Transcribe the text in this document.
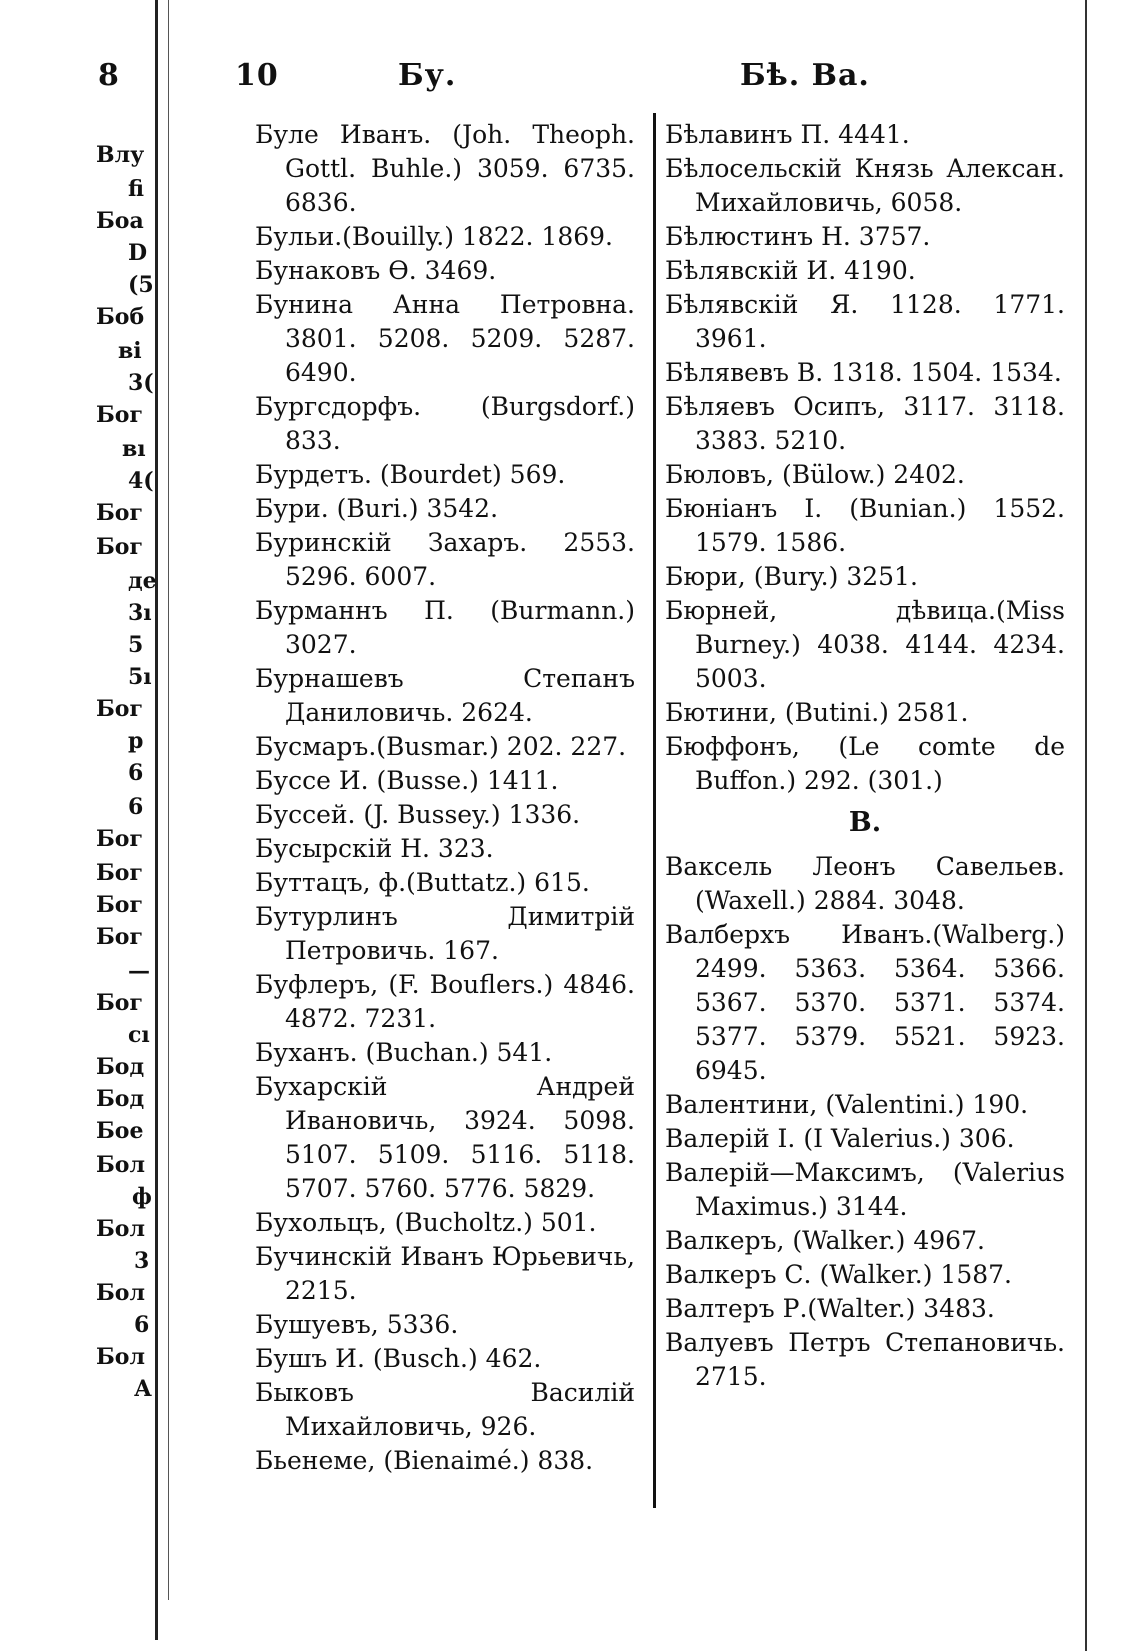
8	10	Бу.	Бѣ. Ва.
Влу
fi
Боа
D
(5
Боб
ві
3(
Бог
вı
4(
Бог
Бог
де
3ı
5
5ı
Бог
р
6
6
Бог
Бог
Бог
Бог
—
Бог
сı
Бод
Бод
Бое
Бол
ф
Бол
3
Бол
6
Бол
А

Буле Иванъ. (Joh. Theoph. Gottl. Buhle.) 3059. 6735. 6836.

Бульи.(Bouilly.) 1822. 1869.

Бунаковъ Ѳ. 3469.

Бунина Анна Петровна. 3801. 5208. 5209. 5287. 6490.

Бургсдорфъ. (Burgsdorf.) 833.

Бурдетъ. (Bourdet) 569.

Бури. (Buri.) 3542.

Буринскій Захаръ. 2553. 5296. 6007.

Бурманнъ П. (Burmann.) 3027.

Бурнашевъ Степанъ Даниловичь. 2624.

Бусмаръ.(Busmar.) 202. 227.

Буссе И. (Busse.) 1411.

Буссей. (J. Bussey.) 1336.

Бусырскій Н. 323.

Буттацъ, ф.(Buttatz.) 615.

Бутурлинъ Димитрій Петровичь. 167.

Буфлеръ, (F. Bouflers.) 4846. 4872. 7231.

Буханъ. (Buchan.) 541.

Бухарскій Андрей Ивановичь, 3924. 5098. 5107. 5109. 5116. 5118. 5707. 5760. 5776. 5829.

Бухольцъ, (Bucholtz.) 501.

Бучинскій Иванъ Юрьевичь, 2215.

Бушуевъ, 5336.

Бушъ И. (Busch.) 462.

Быковъ Василій Михайловичь, 926.

Бьенеме, (Bienaimé.) 838.

Бѣлавинъ П. 4441.

Бѣлосельскій Князь Алексан. Михайловичь, 6058.

Бѣлюстинъ Н. 3757.

Бѣлявскій И. 4190.

Бѣлявскій Я. 1128. 1771. 3961.

Бѣлявевъ В. 1318. 1504. 1534.

Бѣляевъ Осипъ, 3117. 3118. 3383. 5210.

Бюловъ, (Bülow.) 2402.

Бюніанъ I. (Bunian.) 1552. 1579. 1586.

Бюри, (Bury.) 3251.

Бюрней, дѣвица.(Miss Burney.) 4038. 4144. 4234. 5003.

Бютини, (Butini.) 2581.

Бюффонъ, (Le comte de Buffon.) 292. (301.)

В.

Ваксель Леонъ Савельев. (Waxell.) 2884. 3048.

Валберхъ Иванъ.(Walberg.) 2499. 5363. 5364. 5366. 5367. 5370. 5371. 5374. 5377. 5379. 5521. 5923. 6945.

Валентини, (Valentini.) 190.

Валерій I. (I Valerius.) 306.

Валерій—Максимъ, (Valerius Maximus.) 3144.

Валкеръ, (Walker.) 4967.

Валкеръ С. (Walker.) 1587.

Валтеръ Р.(Walter.) 3483.

Валуевъ Петръ Степановичь. 2715.
